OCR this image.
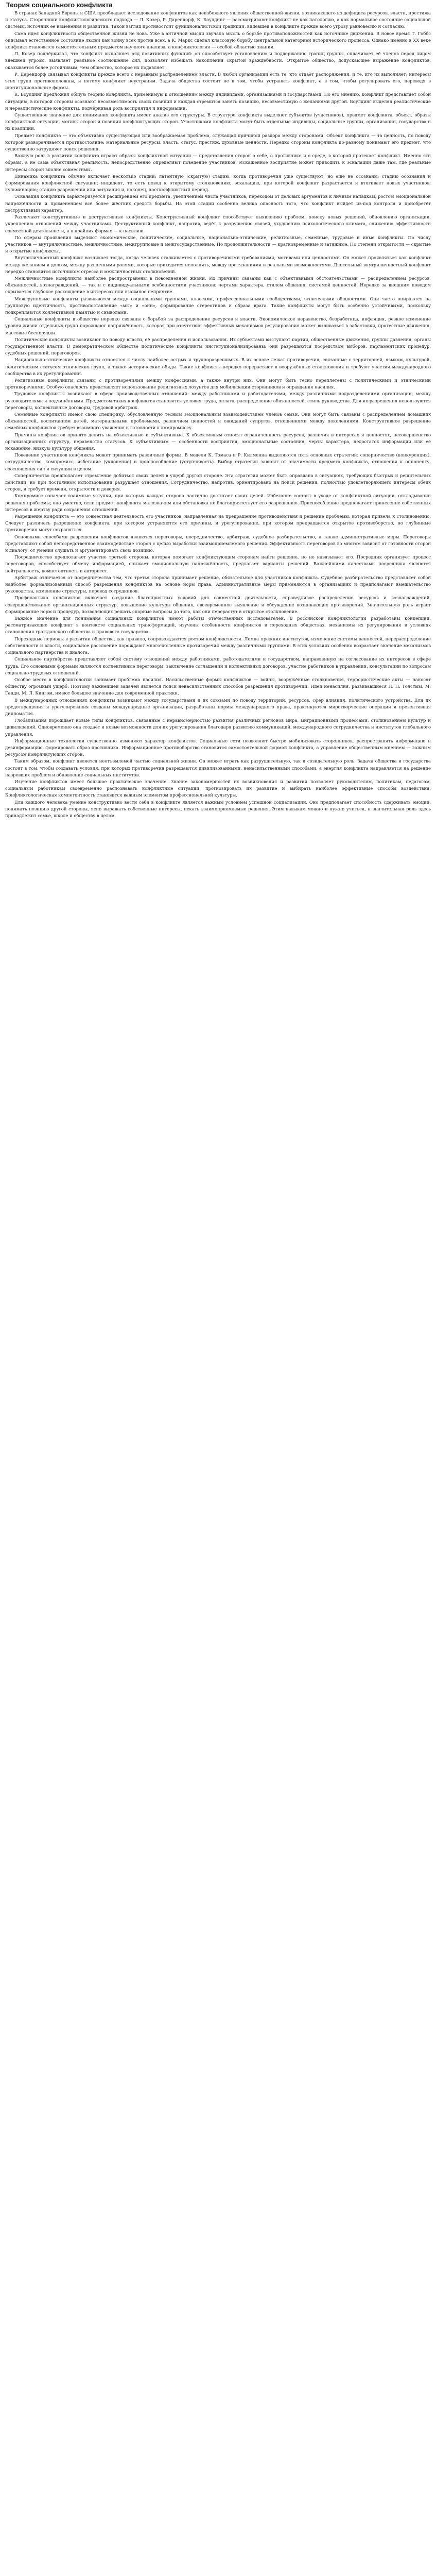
Теория социального конфликта

В странах Западной Европы и США преобладает исследование конфликтов как неизбежного явления общественной жизни, возникающего из дефицита ресурсов, власти, престижа и статуса. Сторонники конфликтологического подхода — Л. Козер, Р. Дарендорф, К. Боулдинг — рассматривают конфликт не как патологию, а как нормальное состояние социальной системы, источник её изменения и развития. Такой взгляд противостоит функционалистской традиции, видевшей в конфликте прежде всего угрозу равновесию и согласию.

Сама идея конфликтности общественной жизни не нова. Уже в античной мысли звучала мысль о борьбе противоположностей как источнике движения. В новое время Т. Гоббс описывал естественное состояние людей как войну всех против всех, а К. Маркс сделал классовую борьбу центральной категорией исторического процесса. Однако именно в XX веке конфликт становится самостоятельным предметом научного анализа, а конфликтология — особой областью знания.

Л. Козер подчёркивал, что конфликт выполняет ряд позитивных функций: он способствует установлению и поддержанию границ группы, сплачивает её членов перед лицом внешней угрозы, выявляет реальное соотношение сил, позволяет избежать накопления скрытой враждебности. Открытое общество, допускающее выражение конфликтов, оказывается более устойчивым, чем общество, которое их подавляет.

Р. Дарендорф связывал конфликты прежде всего с неравным распределением власти. В любой организации есть те, кто отдаёт распоряжения, и те, кто их выполняет; интересы этих групп противоположны, и потому конфликт неустраним. Задача общества состоит не в том, чтобы устранить конфликт, а в том, чтобы регулировать его, переводя в институциональные формы.

К. Боулдинг предложил общую теорию конфликта, применимую к отношениям между индивидами, организациями и государствами. По его мнению, конфликт представляет собой ситуацию, в которой стороны осознают несовместимость своих позиций и каждая стремится занять позицию, несовместимую с желаниями другой. Боулдинг выделял реалистические и нереалистические конфликты, подчёркивая роль восприятия и информации.

Существенное значение для понимания конфликта имеет анализ его структуры. В структуре конфликта выделяют субъектов (участников), предмет конфликта, объект, образы конфликтной ситуации, мотивы сторон и позиции конфликтующих сторон. Участниками конфликта могут быть отдельные индивиды, социальные группы, организации, государства и их коалиции.

Предмет конфликта — это объективно существующая или воображаемая проблема, служащая причиной раздора между сторонами. Объект конфликта — та ценность, по поводу которой разворачивается противостояние: материальные ресурсы, власть, статус, престиж, духовные ценности. Нередко стороны конфликта по-разному понимают его предмет, что существенно затрудняет поиск решения.

Важную роль в развитии конфликта играют образы конфликтной ситуации — представления сторон о себе, о противнике и о среде, в которой протекает конфликт. Именно эти образы, а не сама объективная реальность, непосредственно определяют поведение участников. Искажённое восприятие может приводить к эскалации даже там, где реальные интересы сторон вполне совместимы.

Динамика конфликта обычно включает несколько стадий: латентную (скрытую) стадию, когда противоречия уже существуют, но ещё не осознаны; стадию осознания и формирования конфликтной ситуации; инцидент, то есть повод к открытому столкновению; эскалацию, при которой конфликт разрастается и втягивает новых участников; кульминацию; стадию разрешения или затухания и, наконец, постконфликтный период.

Эскалация конфликта характеризуется расширением его предмета, увеличением числа участников, переходом от деловых аргументов к личным нападкам, ростом эмоциональной напряжённости и применением всё более жёстких средств борьбы. На этой стадии особенно велика опасность того, что конфликт выйдет из-под контроля и приобретёт деструктивный характер.

Различают конструктивные и деструктивные конфликты. Конструктивный конфликт способствует выявлению проблем, поиску новых решений, обновлению организации, укреплению отношений между участниками. Деструктивный конфликт, напротив, ведёт к разрушению связей, ухудшению психологического климата, снижению эффективности совместной деятельности, а в крайних формах — к насилию.

По сферам проявления выделяют экономические, политические, социальные, национально-этнические, религиозные, семейные, трудовые и иные конфликты. По числу участников — внутриличностные, межличностные, межгрупповые и межгосударственные. По продолжительности — кратковременные и затяжные. По степени открытости — скрытые и открытые конфликты.

Внутриличностный конфликт возникает тогда, когда человек сталкивается с противоречивыми требованиями, мотивами или ценностями. Он может проявляться как конфликт между желанием и долгом, между различными ролями, которые приходится исполнять, между притязаниями и реальными возможностями. Длительный внутриличностный конфликт нередко становится источником стресса и межличностных столкновений.

Межличностные конфликты наиболее распространены в повседневной жизни. Их причины связаны как с объективными обстоятельствами — распределением ресурсов, обязанностей, вознаграждений, — так и с индивидуальными особенностями участников: чертами характера, стилем общения, системой ценностей. Нередко за внешним поводом скрывается глубокое расхождение в интересах или взаимное неприятие.

Межгрупповые конфликты развиваются между социальными группами, классами, профессиональными сообществами, этническими общностями. Они часто опираются на групповую идентичность, противопоставление «мы» и «они», формирование стереотипов и образа врага. Такие конфликты могут быть особенно устойчивыми, поскольку подкрепляются коллективной памятью и символами.

Социальные конфликты в обществе нередко связаны с борьбой за распределение ресурсов и власти. Экономическое неравенство, безработица, инфляция, резкое изменение уровня жизни отдельных групп порождают напряжённость, которая при отсутствии эффективных механизмов регулирования может выливаться в забастовки, протестные движения, массовые беспорядки.

Политические конфликты возникают по поводу власти, её распределения и использования. Их субъектами выступают партии, общественные движения, группы давления, органы государственной власти. В демократическом обществе политические конфликты институционализированы: они разрешаются посредством выборов, парламентских процедур, судебных решений, переговоров.

Национально-этнические конфликты относятся к числу наиболее острых и трудноразрешимых. В их основе лежат противоречия, связанные с территорией, языком, культурой, политическим статусом этнических групп, а также исторические обиды. Такие конфликты нередко перерастают в вооружённые столкновения и требуют участия международного сообщества в их урегулировании.

Религиозные конфликты связаны с противоречиями между конфессиями, а также внутри них. Они могут быть тесно переплетены с политическими и этническими противоречиями. Особую опасность представляет использование религиозных лозунгов для мобилизации сторонников и оправдания насилия.

Трудовые конфликты возникают в сфере производственных отношений: между работниками и работодателями, между различными подразделениями организации, между руководителями и подчинёнными. Предметом таких конфликтов становятся условия труда, оплата, распределение обязанностей, стиль руководства. Для их разрешения используются переговоры, коллективные договоры, трудовой арбитраж.

Семейные конфликты имеют свою специфику, обусловленную тесным эмоциональным взаимодействием членов семьи. Они могут быть связаны с распределением домашних обязанностей, воспитанием детей, материальными проблемами, различием ценностей и ожиданий супругов, отношениями между поколениями. Конструктивное разрешение семейных конфликтов требует взаимного уважения и готовности к компромиссу.

Причины конфликтов принято делить на объективные и субъективные. К объективным относят ограниченность ресурсов, различия в интересах и ценностях, несовершенство организационных структур, неравенство статусов. К субъективным — особенности восприятия, эмоциональные состояния, черты характера, недостаток информации или её искажение, низкую культуру общения.

Поведение участников конфликта может принимать различные формы. В модели К. Томаса и Р. Килменна выделяются пять основных стратегий: соперничество (конкуренция), сотрудничество, компромисс, избегание (уклонение) и приспособление (уступчивость). Выбор стратегии зависит от значимости предмета конфликта, отношения к оппоненту, соотношения сил и ситуации в целом.

Соперничество предполагает стремление добиться своих целей в ущерб другой стороне. Эта стратегия может быть оправдана в ситуациях, требующих быстрых и решительных действий, но при постоянном использовании разрушает отношения. Сотрудничество, напротив, ориентировано на поиск решения, полностью удовлетворяющего интересы обеих сторон, и требует времени, открытости и доверия.

Компромисс означает взаимные уступки, при которых каждая сторона частично достигает своих целей. Избегание состоит в уходе от конфликтной ситуации, откладывании решения проблемы; оно уместно, если предмет конфликта малозначим или обстановка не благоприятствует его разрешению. Приспособление предполагает принесение собственных интересов в жертву ради сохранения отношений.

Разрешение конфликта — это совместная деятельность его участников, направленная на прекращение противодействия и решение проблемы, которая привела к столкновению. Следует различать разрешение конфликта, при котором устраняются его причины, и урегулирование, при котором прекращается открытое противоборство, но глубинные противоречия могут сохраняться.

Основными способами разрешения конфликтов являются переговоры, посредничество, арбитраж, судебное разбирательство, а также административные меры. Переговоры представляют собой непосредственное взаимодействие сторон с целью выработки взаимоприемлемого решения. Эффективность переговоров во многом зависит от готовности сторон к диалогу, от умения слушать и аргументировать свою позицию.

Посредничество предполагает участие третьей стороны, которая помогает конфликтующим сторонам найти решение, но не навязывает его. Посредник организует процесс переговоров, способствует обмену информацией, снижает эмоциональную напряжённость, предлагает варианты решений. Важнейшими качествами посредника являются нейтральность, компетентность и авторитет.

Арбитраж отличается от посредничества тем, что третья сторона принимает решение, обязательное для участников конфликта. Судебное разбирательство представляет собой наиболее формализованный способ разрешения конфликтов на основе норм права. Административные меры применяются в организациях и предполагают вмешательство руководства, изменение структуры, перевод сотрудников.

Профилактика конфликтов включает создание благоприятных условий для совместной деятельности, справедливое распределение ресурсов и вознаграждений, совершенствование организационных структур, повышение культуры общения, своевременное выявление и обсуждение возникающих противоречий. Значительную роль играет формирование норм и процедур, позволяющих решать спорные вопросы до того, как они перерастут в открытое столкновение.

Важное значение для понимания социальных конфликтов имеют работы отечественных исследователей. В российской конфликтологии разработаны концепции, рассматривающие конфликт в контексте социальных трансформаций, изучены особенности конфликтов в переходных обществах, механизмы их регулирования в условиях становления гражданского общества и правового государства.

Переходные периоды в развитии общества, как правило, сопровождаются ростом конфликтности. Ломка прежних институтов, изменение системы ценностей, перераспределение собственности и власти, социальное расслоение порождают многочисленные противоречия между различными группами. В этих условиях особенно возрастает значение механизмов социального партнёрства и диалога.

Социальное партнёрство представляет собой систему отношений между работниками, работодателями и государством, направленную на согласование их интересов в сфере труда. Его основными формами являются коллективные переговоры, заключение соглашений и коллективных договоров, участие работников в управлении, консультации по вопросам социально-трудовых отношений.

Особое место в конфликтологии занимает проблема насилия. Насильственные формы конфликтов — войны, вооружённые столкновения, террористические акты — наносят обществу огромный ущерб. Поэтому важнейшей задачей является поиск ненасильственных способов разрешения противоречий. Идеи ненасилия, развивавшиеся Л. Н. Толстым, М. Ганди, М. Л. Кингом, имеют большое значение для современной практики.

В международных отношениях конфликты возникают между государствами и их союзами по поводу территорий, ресурсов, сфер влияния, политического устройства. Для их предотвращения и урегулирования созданы международные организации, разработаны нормы международного права, практикуются миротворческие операции и превентивная дипломатия.

Глобализация порождает новые типы конфликтов, связанные с неравномерностью развития различных регионов мира, миграционными процессами, столкновением культур и цивилизаций. Одновременно она создаёт и новые возможности для их урегулирования благодаря развитию коммуникаций, международного сотрудничества и институтов глобального управления.

Информационные технологии существенно изменяют характер конфликтов. Социальные сети позволяют быстро мобилизовать сторонников, распространять информацию и дезинформацию, формировать образ противника. Информационное противоборство становится самостоятельной формой конфликта, а управление общественным мнением — важным ресурсом конфликтующих сторон.

Таким образом, конфликт является неотъемлемой частью социальной жизни. Он может играть как разрушительную, так и созидательную роль. Задача общества и государства состоит в том, чтобы создавать условия, при которых противоречия разрешаются цивилизованными, ненасильственными способами, а энергия конфликта направляется на решение назревших проблем и обновление социальных институтов.

Изучение конфликтов имеет большое практическое значение. Знание закономерностей их возникновения и развития позволяет руководителям, политикам, педагогам, социальным работникам своевременно распознавать конфликтные ситуации, прогнозировать их развитие и выбирать наиболее эффективные способы воздействия. Конфликтологическая компетентность становится важным элементом профессиональной культуры.

Для каждого человека умение конструктивно вести себя в конфликте является важным условием успешной социализации. Оно предполагает способность сдерживать эмоции, понимать позицию другой стороны, ясно выражать собственные интересы, искать взаимоприемлемые решения. Этим навыкам можно и нужно учиться, и значительная роль здесь принадлежит семье, школе и обществу в целом.
